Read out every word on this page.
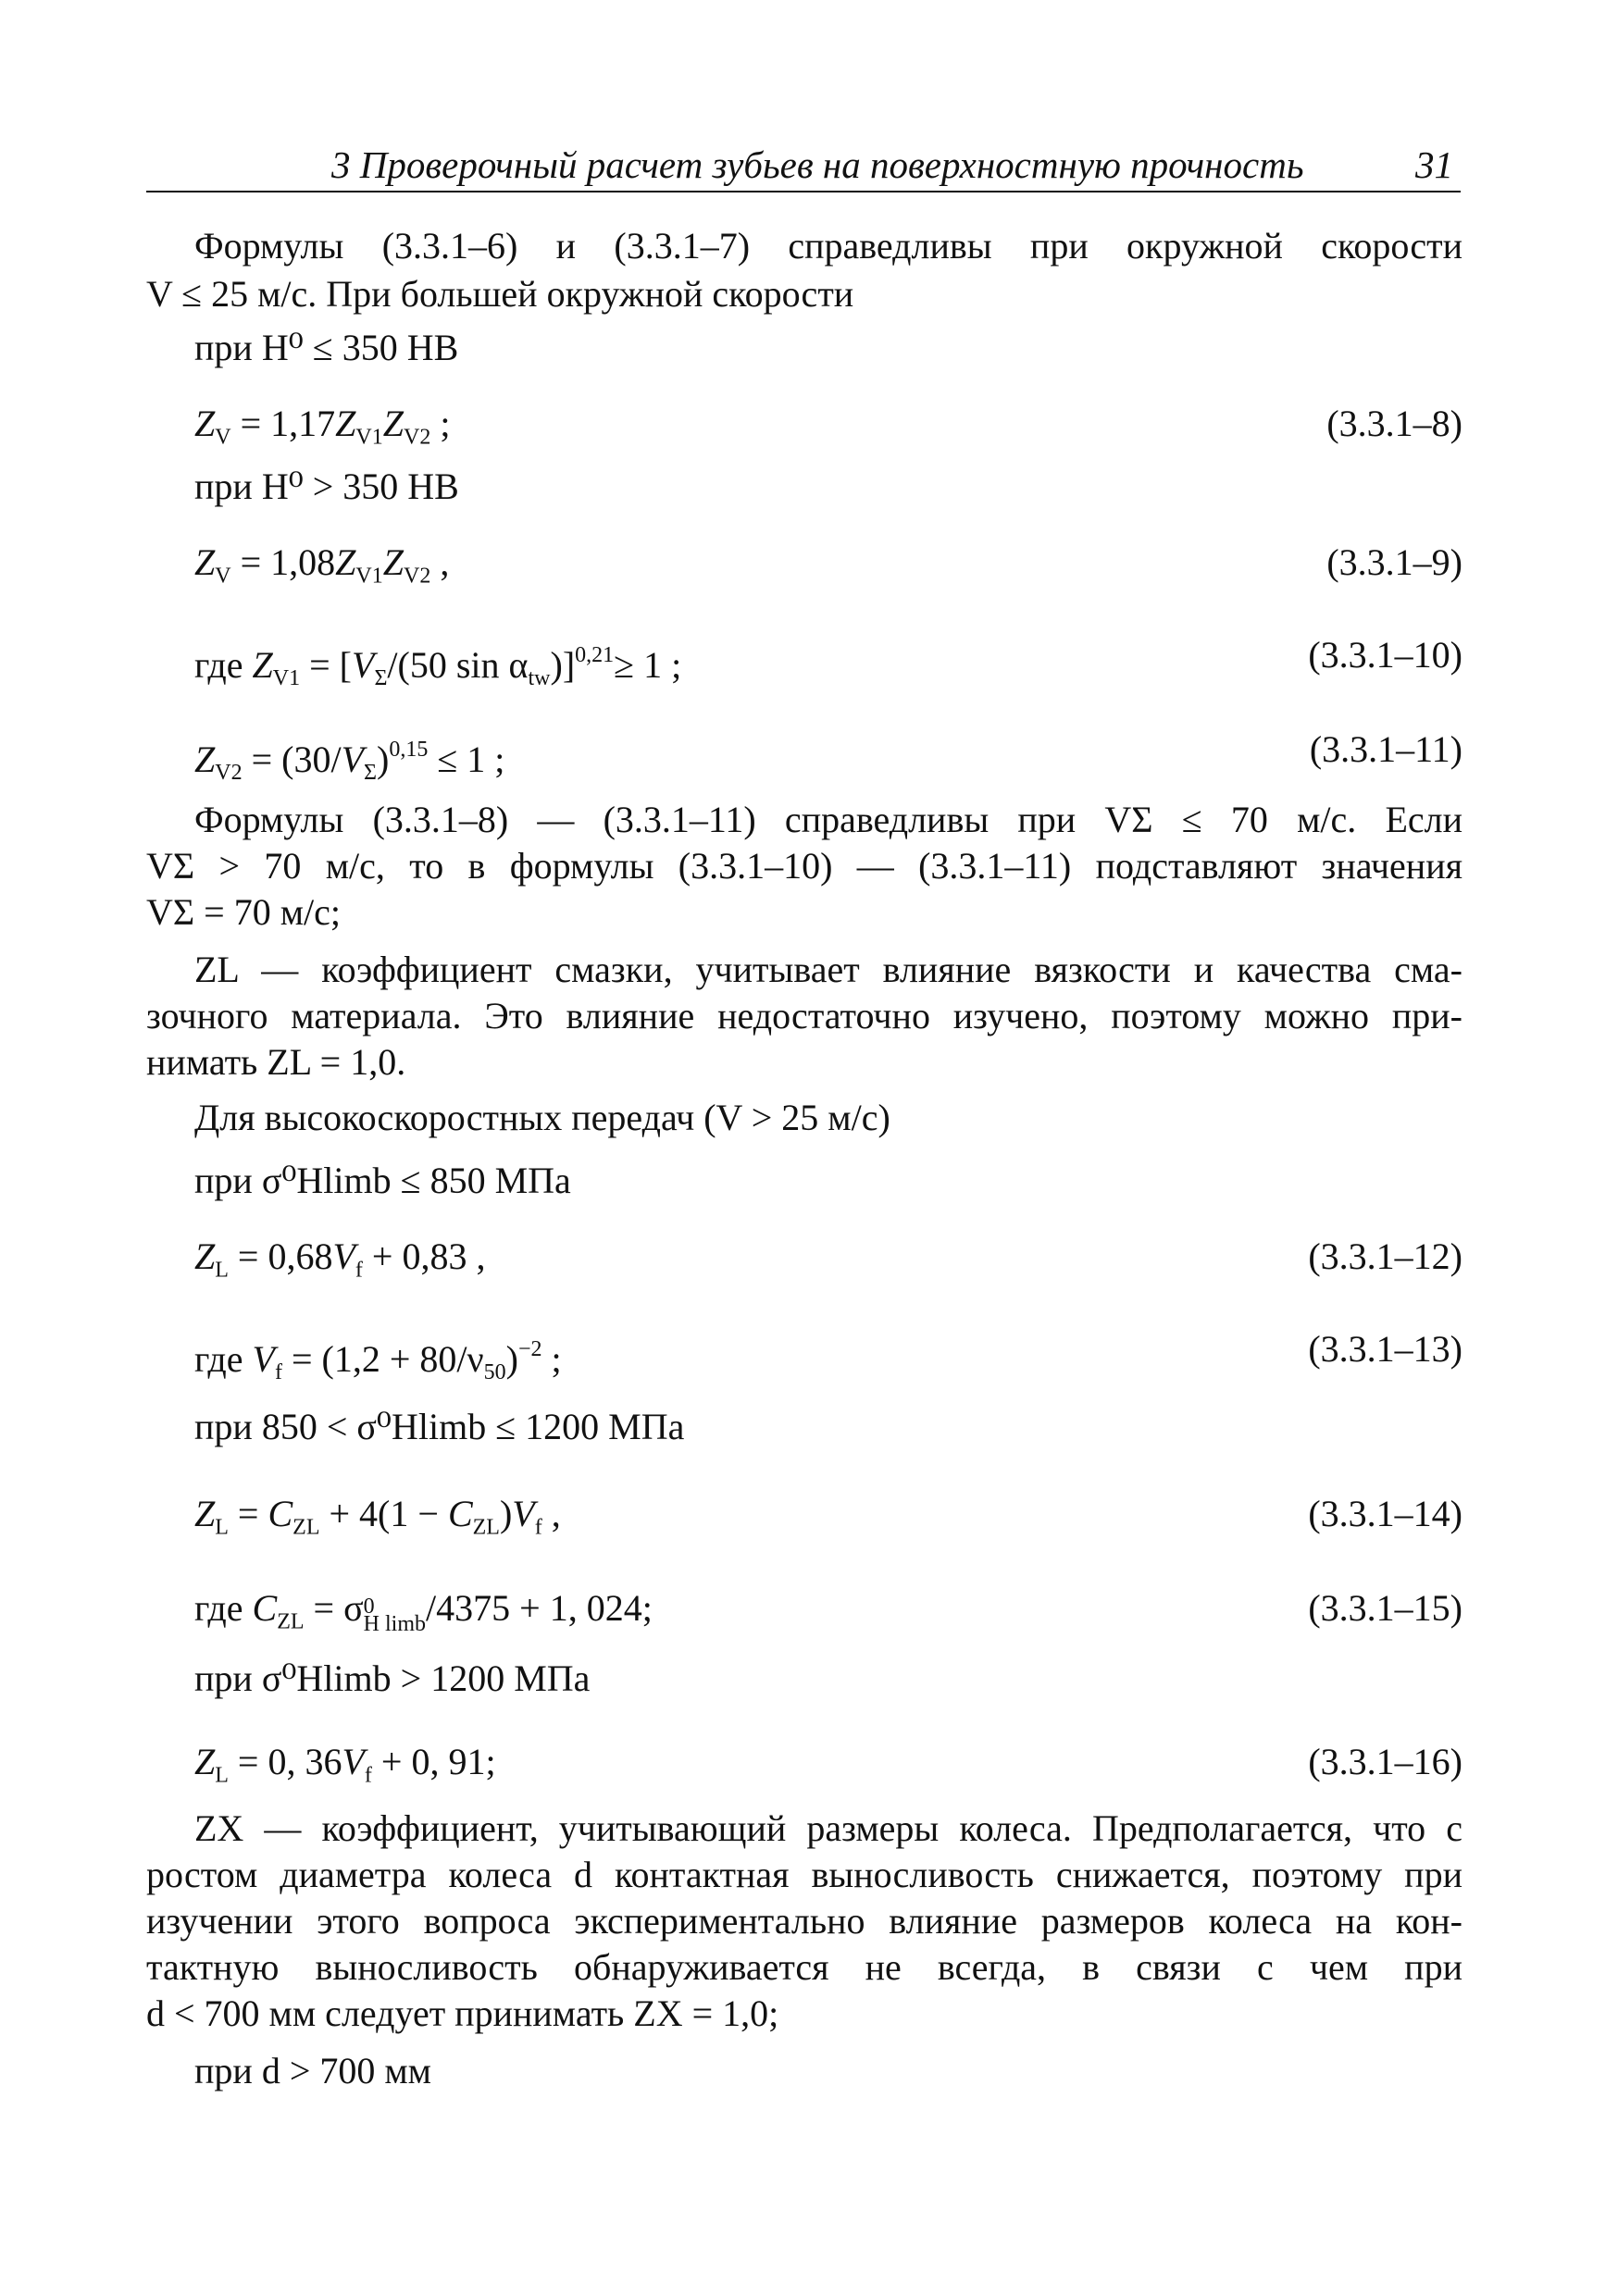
3 Проверочный расчет зубьев на поверхностную прочность	31
Формулы (3.3.1–6) и (3.3.1–7) справедливы при окружной скорости
V ≤ 25 м/с. При большей окружной скорости
при H⁰ ≤ 350 HB
$Z_V = 1,17Z_{V1}Z_{V2}$ ;	(3.3.1–8)
при H⁰ > 350 HB
$Z_V = 1,08Z_{V1}Z_{V2}$ ,	(3.3.1–9)
где $Z_{V1} = [V_\Sigma/(50$ $\sin \alpha_{tw})]^{0,21}\ge 1$ ;	(3.3.1–10)
$Z_{V2} = (30/V_\Sigma)^{0,15} \le 1$ ;	(3.3.1–11)
Формулы (3.3.1–8) — (3.3.1–11) справедливы при VΣ ≤ 70 м/с. Если
VΣ > 70 м/с, то в формулы (3.3.1–10) — (3.3.1–11) подставляют значения
VΣ = 70 м/с;
ZL — коэффициент смазки, учитывает влияние вязкости и качества сма-
зочного материала. Это влияние недостаточно изучено, поэтому можно при-
нимать ZL = 1,0.
Для высокоскоростных передач (V > 25 м/с)
при σ⁰Hlimb ≤ 850 МПа
$Z_L = 0,68V_f + 0,83$ ,	(3.3.1–12)
где $V_f = (1,2 + 80/\nu_{50})^{-2}$ ;	(3.3.1–13)
при 850 < σ⁰Hlimb ≤ 1200 МПа
$Z_L = C_{ZL} + 4(1 - C_{ZL})V_f$ ,	(3.3.1–14)
где $C_{ZL} = \sigma$ 0
H limb /4375 + 1, 024;	(3.3.1–15)
при σ⁰Hlimb > 1200 МПа
$Z_L = 0$, $36V_f + 0$, 91;	(3.3.1–16)
ZX — коэффициент, учитывающий размеры колеса. Предполагается, что с
ростом диаметра колеса d контактная выносливость снижается, поэтому при
изучении этого вопроса экспериментально влияние размеров колеса на кон-
тактную выносливость обнаруживается не всегда, в связи с чем при
d < 700 мм следует принимать ZX = 1,0;
при d > 700 мм
